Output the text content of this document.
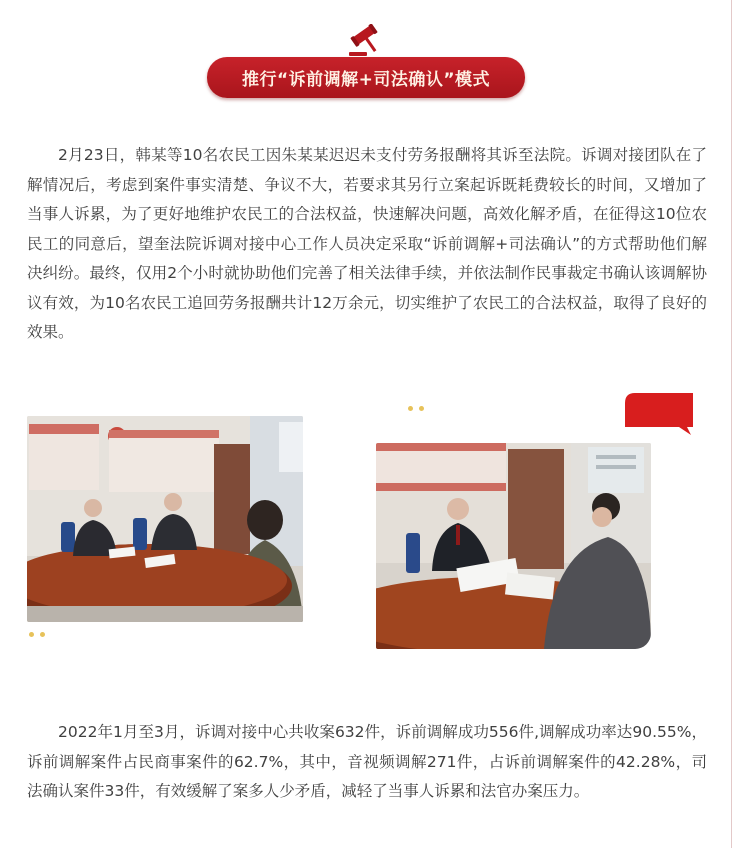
推行“诉前调解+司法确认”模式

2月23日，韩某等10名农民工因朱某某迟迟未支付劳务报酬将其诉至法院。诉调对接团队在了解情况后，考虑到案件事实清楚、争议不大，若要求其另行立案起诉既耗费较长的时间，又增加了当事人诉累，为了更好地维护农民工的合法权益，快速解决问题，高效化解矛盾，在征得这10位农民工的同意后，望奎法院诉调对接中心工作人员决定采取“诉前调解+司法确认”的方式帮助他们解决纠纷。最终，仅用2个小时就协助他们完善了相关法律手续，并依法制作民事裁定书确认该调解协议有效，为10名农民工追回劳务报酬共计12万余元，切实维护了农民工的合法权益，取得了良好的效果。

2022年1月至3月，诉调对接中心共收案632件，诉前调解成功556件,调解成功率达90.55%，诉前调解案件占民商事案件的62.7%，其中，音视频调解271件，占诉前调解案件的42.28%，司法确认案件33件，有效缓解了案多人少矛盾，减轻了当事人诉累和法官办案压力。
